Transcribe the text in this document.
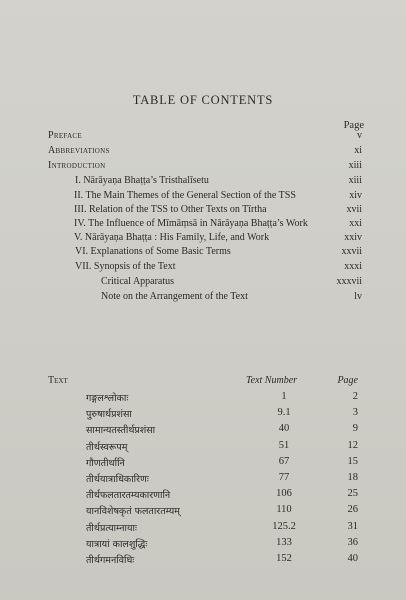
TABLE OF CONTENTS
Page
Preface	v
Abbreviations	xi
Introduction	xiii
I. Nārāyaṇa Bhaṭṭa’s Tristhalīsetu	xiii
II. The Main Themes of the General Section of the TSS	xiv
III. Relation of the TSS to Other Texts on Tīrtha	xvii
IV. The Influence of Mīmāṃsā in Nārāyaṇa Bhaṭṭa’s Work	xxi
V. Nārāyaṇa Bhaṭṭa : His Family, Life, and Work	xxiv
VI. Explanations of Some Basic Terms	xxvii
VII. Synopsis of the Text	xxxi
Critical Apparatus	xxxvii
Note on the Arrangement of the Text	lv
Text	Text Number	Page
गङ्गलश्लोकाः	1	2
पुरुषार्थप्रशंसा	9.1	3
सामान्यतस्तीर्थप्रशंसा	40	9
तीर्थस्वरूपम्	51	12
गौणतीर्थानि	67	15
तीर्थयात्राधिकारिणः	77	18
तीर्थफलतारतम्यकारणानि	106	25
यानविशेषकृतं फलतारतम्यम्	110	26
तीर्थप्रत्याम्नायाः	125.2	31
यात्रायां कालशुद्धिः	133	36
तीर्थगमनविधिः	152	40
